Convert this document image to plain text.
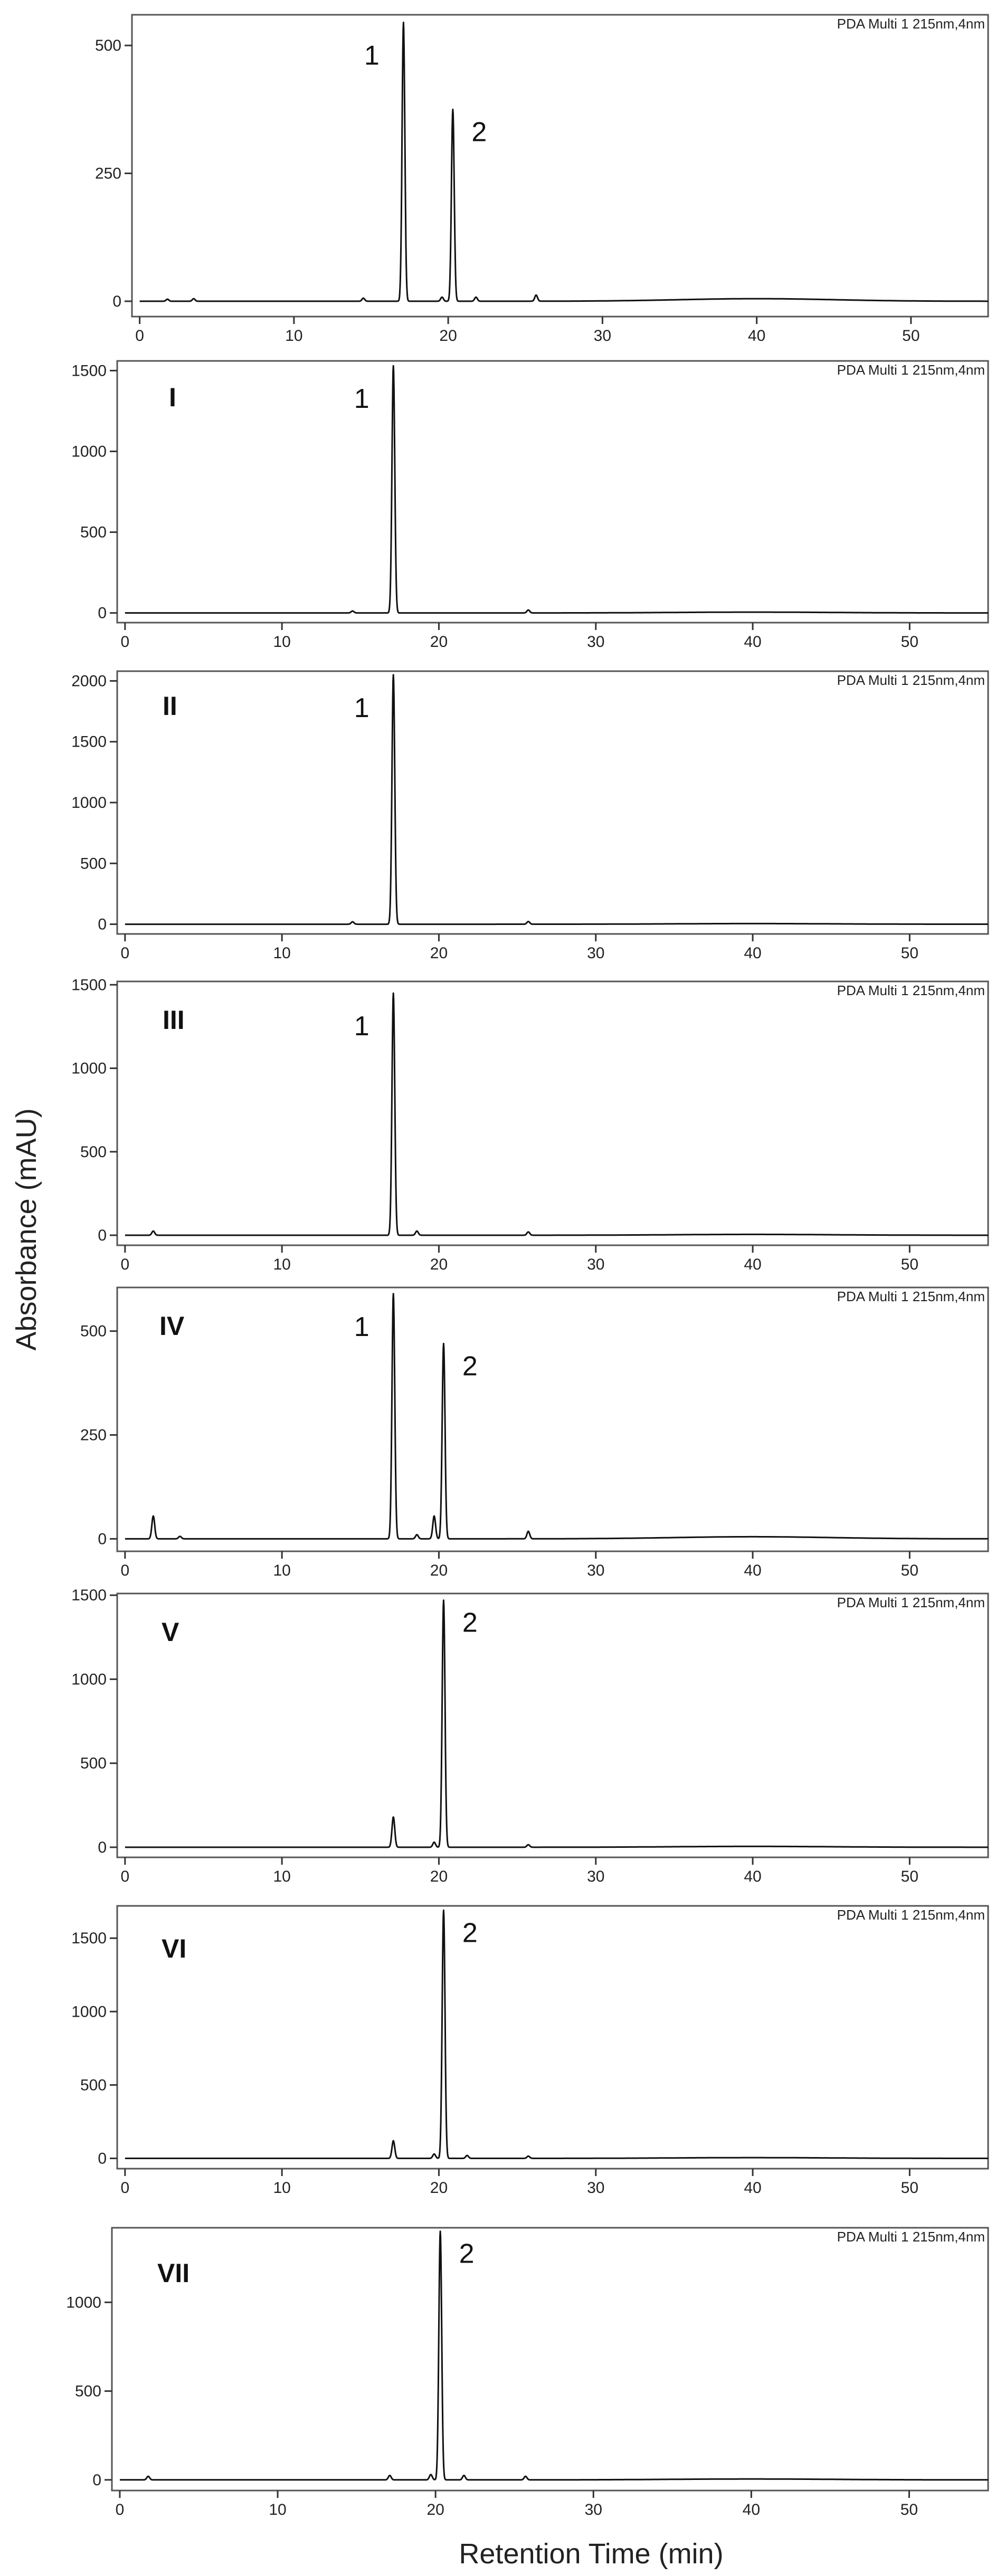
Absorbance (mAU)
Retention Time (min)
0
250
500
0	10	20	30	40	50
PDA Multi 1 215nm,4nm
1
2
0
500
1000
1500
0	10	20	30	40	50
PDA Multi 1 215nm,4nm
I	1
0
500
1000
1500
2000
0	10	20	30	40	50
PDA Multi 1 215nm,4nm
II	1
0
500
1000
1500
0	10	20	30	40	50
PDA Multi 1 215nm,4nm
III	1
0
250
500
0	10	20	30	40	50
PDA Multi 1 215nm,4nm
IV	1
2
0
500
1000
1500
0	10	20	30	40	50
PDA Multi 1 215nm,4nm
V	2
0
500
1000
1500
0	10	20	30	40	50
PDA Multi 1 215nm,4nm
VI
2
0
500
1000
0	10	20	30	40	50
PDA Multi 1 215nm,4nm
VII
2
